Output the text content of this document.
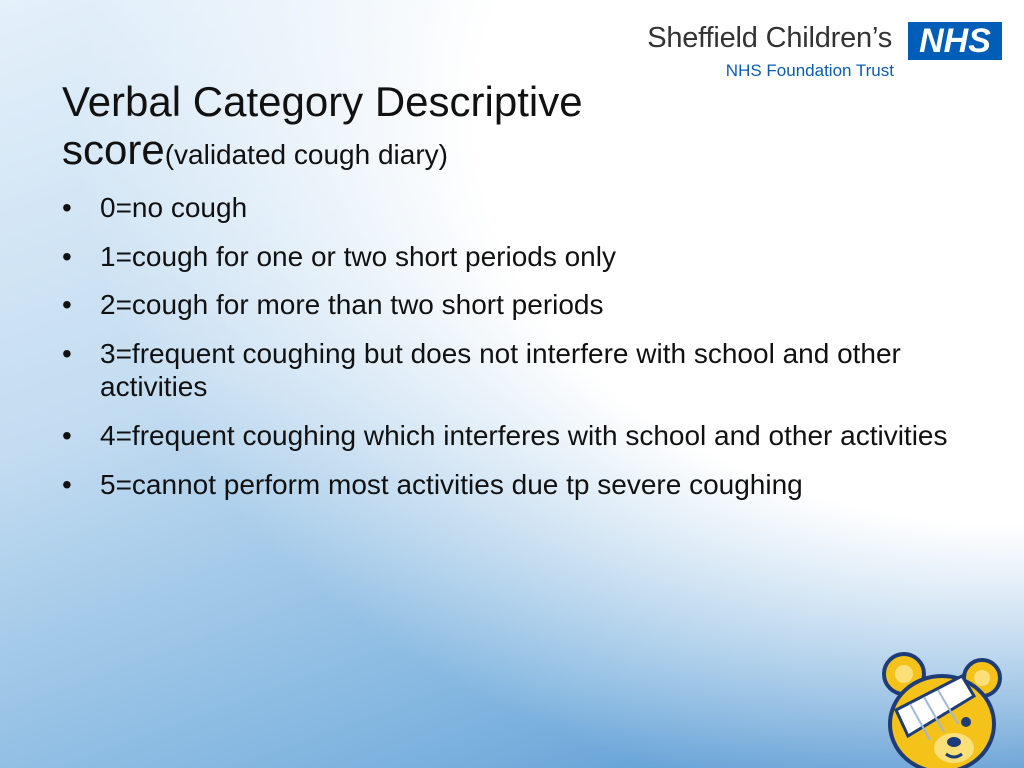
Sheffield Children’s
NHS Foundation Trust
NHS
Verbal Category Descriptive
score(validated cough diary)
• 0=no cough
• 1=cough for one or two short periods only
• 2=cough for more than two short periods
• 3=frequent coughing but does not interfere with school and other activities
• 4=frequent coughing which interferes with school and other activities
• 5=cannot perform most activities due tp severe coughing
